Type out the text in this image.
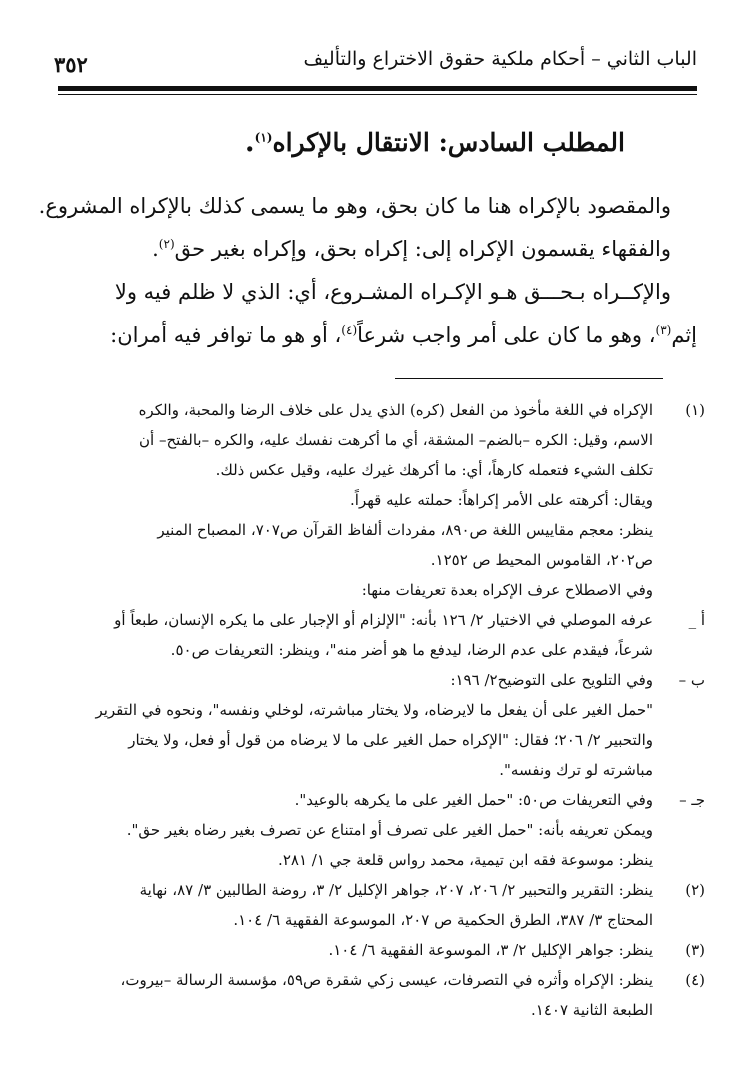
الباب الثاني – أحكام ملكية حقوق الاختراع والتأليف
٣٥٢
المطلب السادس: الانتقال بالإكراه$^{(١)}$.
والمقصود بالإكراه هنا ما كان بحق، وهو ما يسمى كذلك بالإكراه المشروع.
والفقهاء يقسمون الإكراه إلى: إكراه بحق، وإكراه بغير حق$^{(٢)}$.
والإكــراه بـحـــق هـو الإكـراه المشـروع، أي: الذي لا ظلم فيه ولا
إثم$^{(٣)}$، وهو ما كان على أمر واجب شرعاً$^{(٤)}$، أو هو ما توافر فيه أمران:
(١)
الإكراه في اللغة مأخوذ من الفعل (كره) الذي يدل على خلاف الرضا والمحبة، والكره
الاسم، وقيل: الكره –بالضم– المشقة، أي ما أكرهت نفسك عليه، والكره –بالفتح– أن
تكلف الشيء فتعمله كارهاً، أي: ما أكرهك غيرك عليه، وقيل عكس ذلك.
ويقال: أكرهته على الأمر إكراهاً: حملته عليه قهراً.
ينظر: معجم مقاييس اللغة ص٨٩٠، مفردات ألفاظ القرآن ص٧٠٧، المصباح المنير
ص٢٠٢، القاموس المحيط ص ١٢٥٢.
وفي الاصطلاح عرف الإكراه بعدة تعريفات منها:
أ _
عرفه الموصلي في الاختيار ٢/ ١٢٦ بأنه: "الإلزام أو الإجبار على ما يكره الإنسان، طبعاً أو
شرعاً، فيقدم على عدم الرضا، ليدفع ما هو أضر منه"، وينظر: التعريفات ص٥٠.
ب –
وفي التلويح على التوضيح٢/ ١٩٦:
"حمل الغير على أن يفعل ما لايرضاه، ولا يختار مباشرته، لوخلي ونفسه"، ونحوه في التقرير
والتحبير ٢/ ٢٠٦؛ فقال: "الإكراه حمل الغير على ما لا يرضاه من قول أو فعل، ولا يختار
مباشرته لو ترك ونفسه".
جـ –
وفي التعريفات ص٥٠: "حمل الغير على ما يكرهه بالوعيد".
ويمكن تعريفه بأنه: "حمل الغير على تصرف أو امتناع عن تصرف بغير رضاه بغير حق".
ينظر: موسوعة فقه ابن تيمية، محمد رواس قلعة جي ١/ ٢٨١.
(٢)
ينظر: التقرير والتحبير ٢/ ٢٠٦، ٢٠٧، جواهر الإكليل ٢/ ٣، روضة الطالبين ٣/ ٨٧، نهاية
المحتاج ٣/ ٣٨٧، الطرق الحكمية ص ٢٠٧، الموسوعة الفقهية ٦/ ١٠٤.
(٣)
ينظر: جواهر الإكليل ٢/ ٣، الموسوعة الفقهية ٦/ ١٠٤.
(٤)
ينظر: الإكراه وأثره في التصرفات، عيسى زكي شقرة ص٥٩، مؤسسة الرسالة –بيروت،
الطبعة الثانية ١٤٠٧.
